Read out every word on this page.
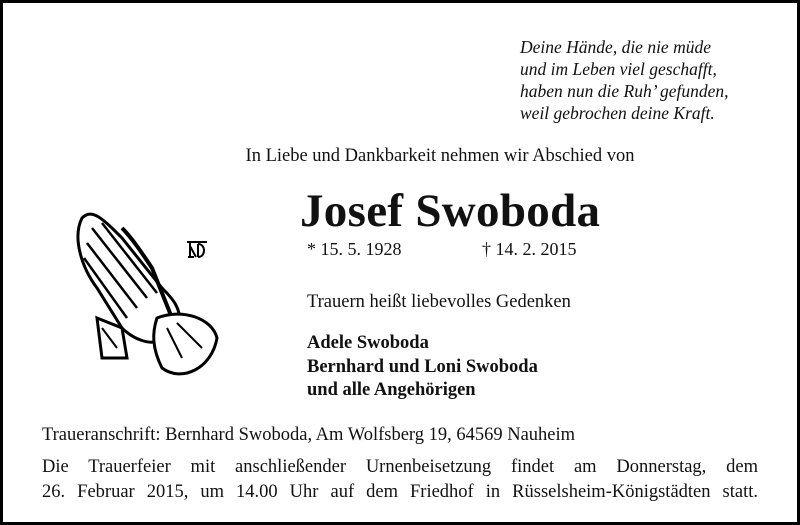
Deine Hände, die nie müde
und im Leben viel geschafft,
haben nun die Ruh’ gefunden,
weil gebrochen deine Kraft.
In Liebe und Dankbarkeit nehmen wir Abschied von
Josef Swoboda
* 15. 5. 1928	† 14. 2. 2015
Trauern heißt liebevolles Gedenken
Adele Swoboda
Bernhard und Loni Swoboda
und alle Angehörigen
Traueranschrift: Bernhard Swoboda, Am Wolfsberg 19, 64569 Nauheim
Die Trauerfeier mit anschließender Urnenbeisetzung findet am Donnerstag, dem
26. Februar 2015, um 14.00 Uhr auf dem Friedhof in Rüsselsheim-Königstädten statt.
